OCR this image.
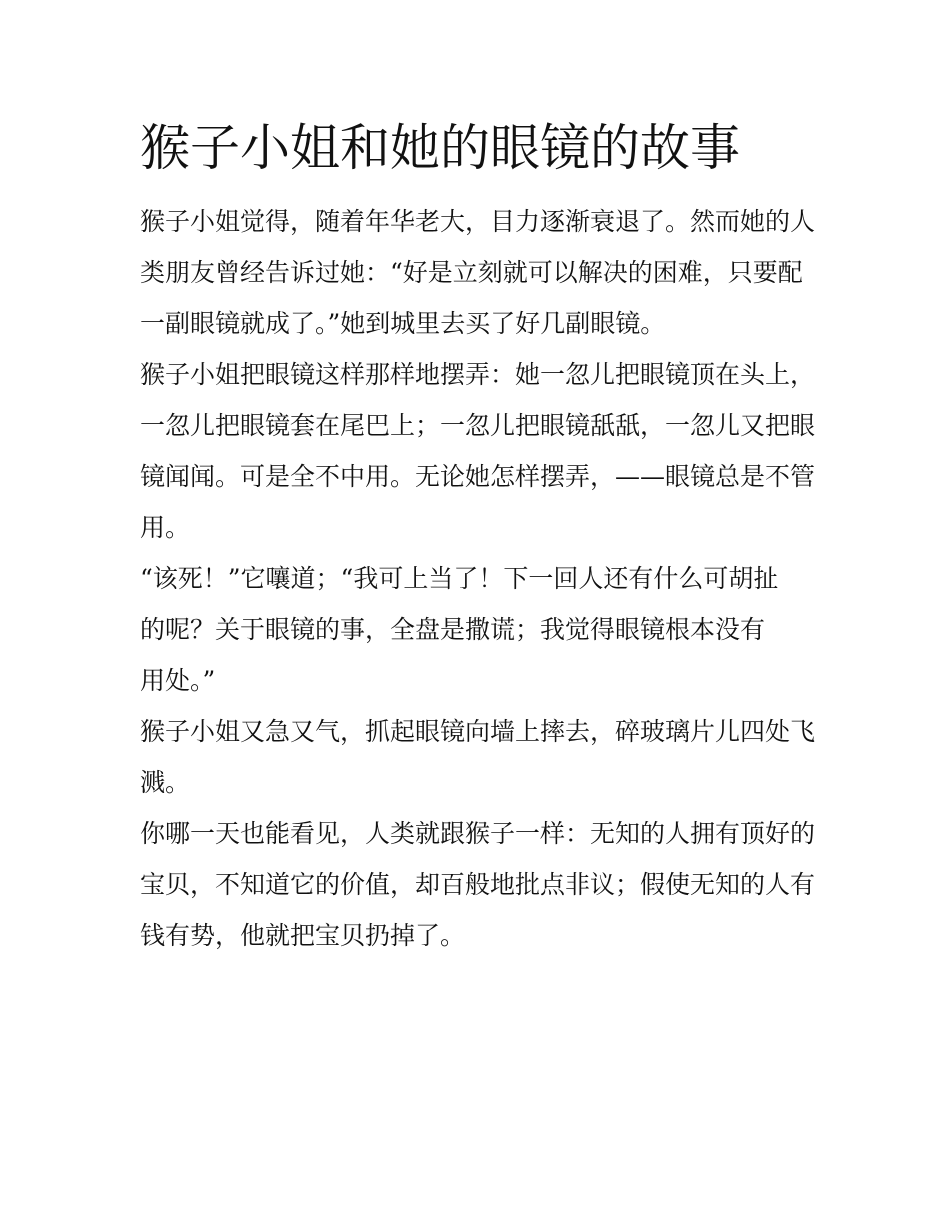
猴子小姐和她的眼镜的故事

猴子小姐觉得，随着年华老大，目力逐渐衰退了。然而她的人类朋友曾经告诉过她：“好是立刻就可以解决的困难，只要配一副眼镜就成了。”她到城里去买了好几副眼镜。

猴子小姐把眼镜这样那样地摆弄：她一忽儿把眼镜顶在头上，一忽儿把眼镜套在尾巴上；一忽儿把眼镜舐舐，一忽儿又把眼镜闻闻。可是全不中用。无论她怎样摆弄，——眼镜总是不管用。

“该死！”它嚷道；“我可上当了！下一回人还有什么可胡扯的呢？关于眼镜的事，全盘是撒谎；我觉得眼镜根本没有用处。”

猴子小姐又急又气，抓起眼镜向墙上摔去，碎玻璃片儿四处飞溅。

你哪一天也能看见，人类就跟猴子一样：无知的人拥有顶好的宝贝，不知道它的价值，却百般地批点非议；假使无知的人有钱有势，他就把宝贝扔掉了。
